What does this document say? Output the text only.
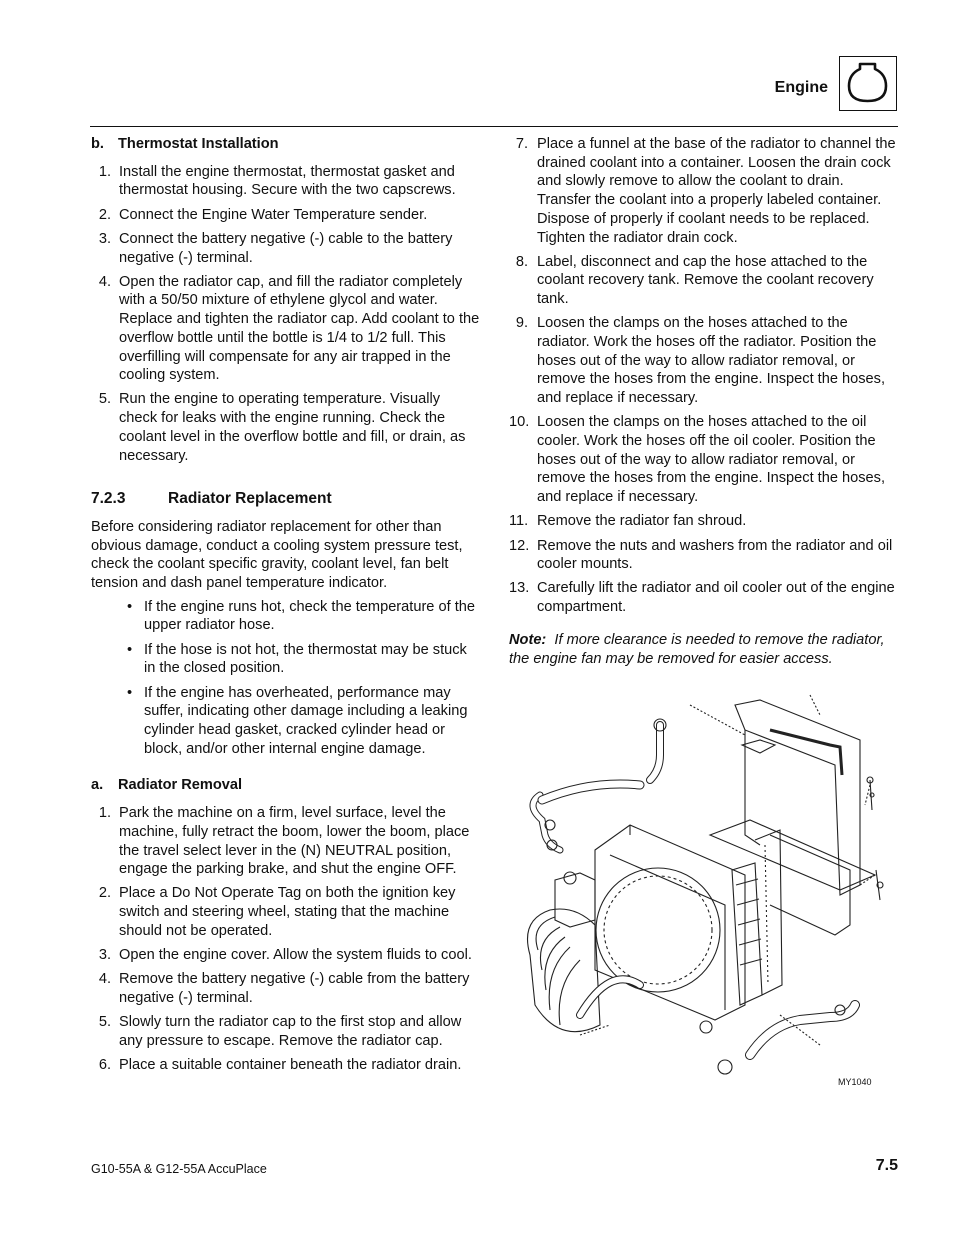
Engine
b. Thermostat Installation
1. Install the engine thermostat, thermostat gasket and thermostat housing. Secure with the two capscrews.
2. Connect the Engine Water Temperature sender.
3. Connect the battery negative (-) cable to the battery negative (-) terminal.
4. Open the radiator cap, and fill the radiator completely with a 50/50 mixture of ethylene glycol and water. Replace and tighten the radiator cap. Add coolant to the overflow bottle until the bottle is 1/4 to 1/2 full. This overfilling will compensate for any air trapped in the cooling system.
5. Run the engine to operating temperature. Visually check for leaks with the engine running. Check the coolant level in the overflow bottle and fill, or drain, as necessary.
7.2.3	Radiator Replacement

Before considering radiator replacement for other than obvious damage, conduct a cooling system pressure test, check the coolant specific gravity, coolant level, fan belt tension and dash panel temperature indicator.

• If the engine runs hot, check the temperature of the upper radiator hose.
• If the hose is not hot, the thermostat may be stuck in the closed position.
• If the engine has overheated, performance may suffer, indicating other damage including a leaking cylinder head gasket, cracked cylinder head or block, and/or other internal engine damage.
a. Radiator Removal
1. Park the machine on a firm, level surface, level the machine, fully retract the boom, lower the boom, place the travel select lever in the (N) NEUTRAL position, engage the parking brake, and shut the engine OFF.
2. Place a Do Not Operate Tag on both the ignition key switch and steering wheel, stating that the machine should not be operated.
3. Open the engine cover. Allow the system fluids to cool.
4. Remove the battery negative (-) cable from the battery negative (-) terminal.
5. Slowly turn the radiator cap to the first stop and allow any pressure to escape. Remove the radiator cap.
6. Place a suitable container beneath the radiator drain.
7. Place a funnel at the base of the radiator to channel the drained coolant into a container. Loosen the drain cock and slowly remove to allow the coolant to drain. Transfer the coolant into a properly labeled container. Dispose of properly if coolant needs to be replaced. Tighten the radiator drain cock.
8. Label, disconnect and cap the hose attached to the coolant recovery tank. Remove the coolant recovery tank.
9. Loosen the clamps on the hoses attached to the radiator. Work the hoses off the radiator. Position the hoses out of the way to allow radiator removal, or remove the hoses from the engine. Inspect the hoses, and replace if necessary.
10. Loosen the clamps on the hoses attached to the oil cooler. Work the hoses off the oil cooler. Position the hoses out of the way to allow radiator removal, or remove the hoses from the engine. Inspect the hoses, and replace if necessary.
11. Remove the radiator fan shroud.
12. Remove the nuts and washers from the radiator and oil cooler mounts.
13. Carefully lift the radiator and oil cooler out of the engine compartment.
Note: If more clearance is needed to remove the radiator, the engine fan may be removed for easier access.
MY1040
G10-55A & G12-55A AccuPlace	7.5
